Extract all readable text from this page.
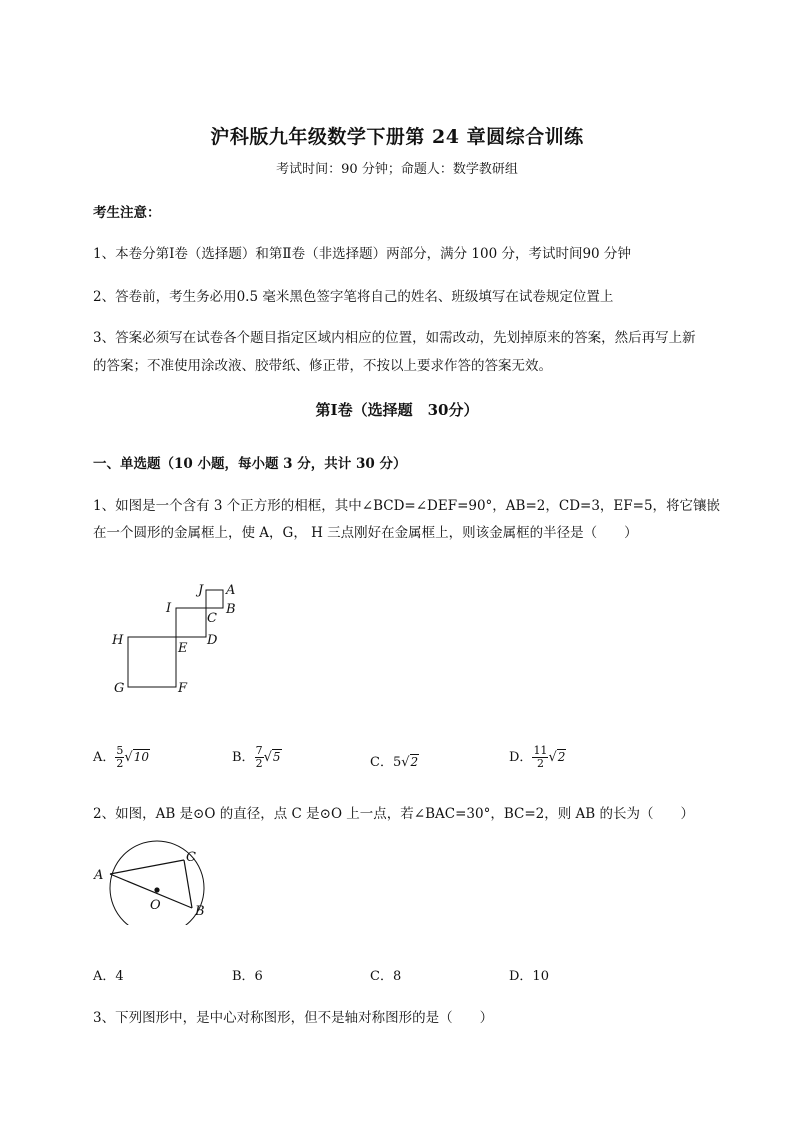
沪科版九年级数学下册第 24 章圆综合训练
考试时间：90 分钟；命题人：数学教研组
考生注意：
1、本卷分第Ⅰ卷（选择题）和第Ⅱ卷（非选择题）两部分，满分 100 分，考试时间90 分钟
2、答卷前，考生务必用0.5 毫米黑色签字笔将自己的姓名、班级填写在试卷规定位置上
3、答案必须写在试卷各个题目指定区域内相应的位置，如需改动，先划掉原来的答案，然后再写上新
的答案；不准使用涂改液、胶带纸、修正带，不按以上要求作答的答案无效。
第Ⅰ卷（选择题　30分）
一、单选题（10 小题，每小题 3 分，共计 30 分）
1、如图是一个含有 3 个正方形的相框，其中∠BCD=∠DEF=90°，AB=2，CD=3，EF=5，将它镶嵌
在一个圆形的金属框上，使 A，G， H 三点刚好在金属框上，则该金属框的半径是（　　）
J A
I
C
B
H
E
D
G	F
A． $\frac{5}{2} √10$	B． $\frac{7}{2} √5$	C．5√2	D． $\frac{11}{2} √2$
2、如图，AB 是⊙O 的直径，点 C 是⊙O 上一点，若∠BAC=30°，BC=2，则 AB 的长为（　　）
A
C
O	B
A．4	B．6	C．8	D．10
3、下列图形中，是中心对称图形，但不是轴对称图形的是（　　）
